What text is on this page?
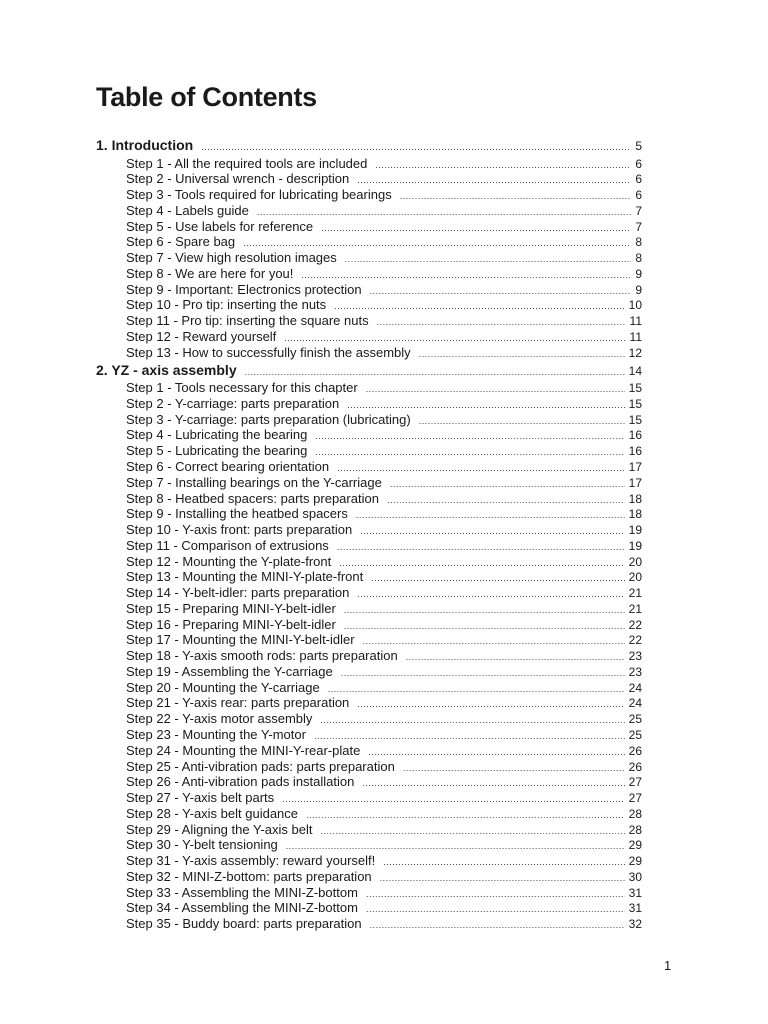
Table of Contents
1. Introduction .....	5
Step 1 - All the required tools are included .....	6
Step 2 - Universal wrench - description .....	6
Step 3 - Tools required for lubricating bearings .....	6
Step 4 - Labels guide .....	7
Step 5 - Use labels for reference .....	7
Step 6 - Spare bag .....	8
Step 7 - View high resolution images .....	8
Step 8 - We are here for you! .....	9
Step 9 - Important: Electronics protection .....	9
Step 10 - Pro tip: inserting the nuts .....	10
Step 11 - Pro tip: inserting the square nuts .....	11
Step 12 - Reward yourself .....	11
Step 13 - How to successfully finish the assembly .....	12
2. YZ - axis assembly .....	14
Step 1 - Tools necessary for this chapter .....	15
Step 2 - Y-carriage: parts preparation .....	15
Step 3 - Y-carriage: parts preparation (lubricating) .....	15
Step 4 - Lubricating the bearing .....	16
Step 5 - Lubricating the bearing .....	16
Step 6 - Correct bearing orientation .....	17
Step 7 - Installing bearings on the Y-carriage .....	17
Step 8 - Heatbed spacers: parts preparation .....	18
Step 9 - Installing the heatbed spacers .....	18
Step 10 - Y-axis front: parts preparation .....	19
Step 11 - Comparison of extrusions .....	19
Step 12 - Mounting the Y-plate-front .....	20
Step 13 - Mounting the MINI-Y-plate-front .....	20
Step 14 - Y-belt-idler: parts preparation .....	21
Step 15 - Preparing MINI-Y-belt-idler .....	21
Step 16 - Preparing MINI-Y-belt-idler .....	22
Step 17 - Mounting the MINI-Y-belt-idler .....	22
Step 18 - Y-axis smooth rods: parts preparation .....	23
Step 19 - Assembling the Y-carriage .....	23
Step 20 - Mounting the Y-carriage .....	24
Step 21 - Y-axis rear: parts preparation .....	24
Step 22 - Y-axis motor assembly .....	25
Step 23 - Mounting the Y-motor .....	25
Step 24 - Mounting the MINI-Y-rear-plate .....	26
Step 25 - Anti-vibration pads: parts preparation .....	26
Step 26 - Anti-vibration pads installation .....	27
Step 27 - Y-axis belt parts .....	27
Step 28 - Y-axis belt guidance .....	28
Step 29 - Aligning the Y-axis belt .....	28
Step 30 - Y-belt tensioning .....	29
Step 31 - Y-axis assembly: reward yourself! .....	29
Step 32 - MINI-Z-bottom: parts preparation .....	30
Step 33 - Assembling the MINI-Z-bottom .....	31
Step 34 - Assembling the MINI-Z-bottom .....	31
Step 35 - Buddy board: parts preparation .....	32
1
